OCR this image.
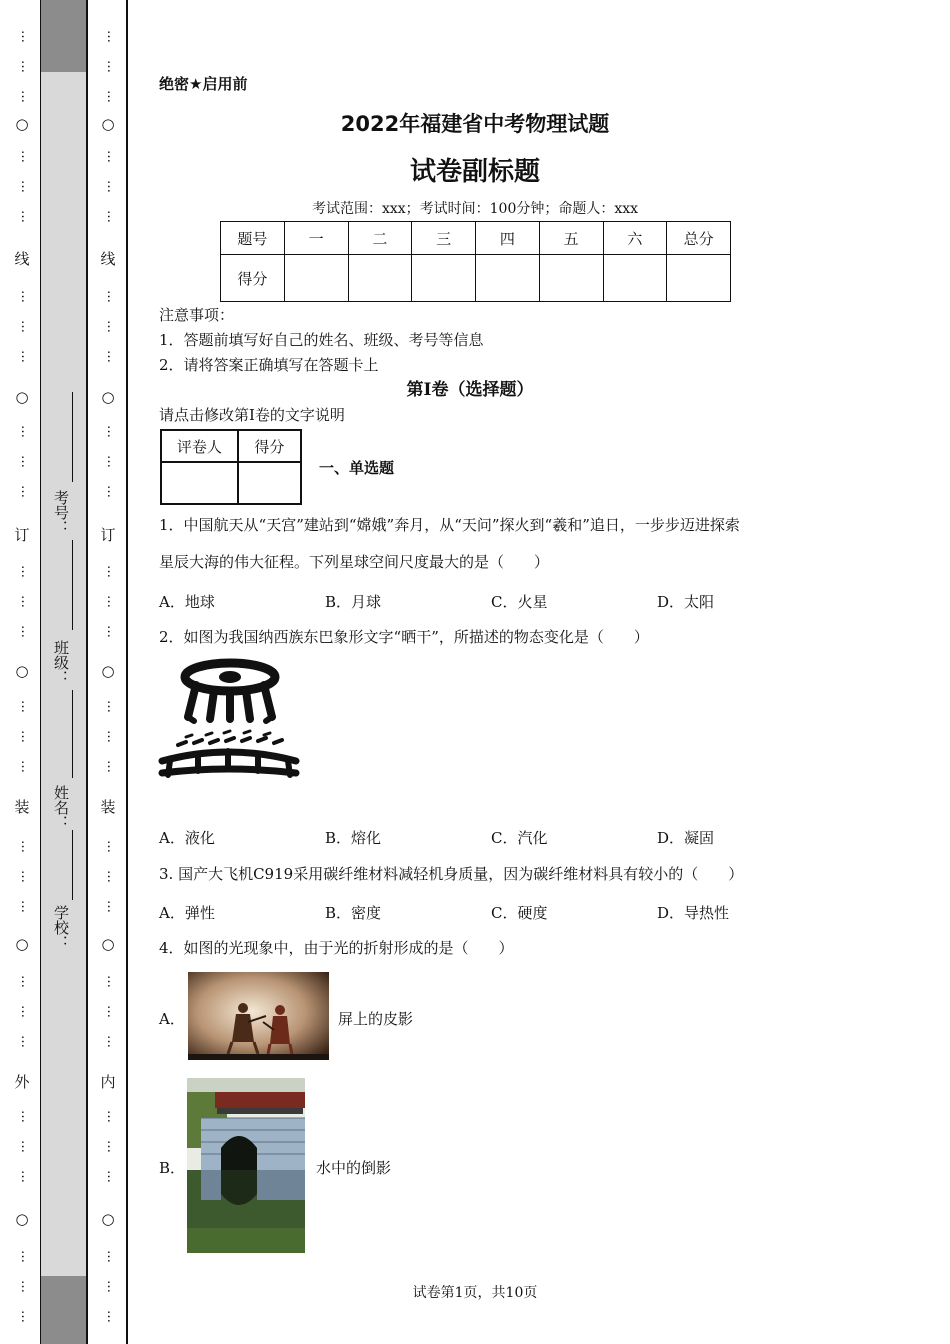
…
…
…
○
…
…
…
线
…
…
…
○
…
…
…
订
…
…
…
○
…
…
…
装
…
…
…
○
…
…
…
外
…
…
…
○
…
…
…
…
…
…
○
…
…
…
线
…
…
…
○
…
…
…
订
…
…
…
○
…
…
…
装
…
…
…
○
…
…
…
内
…
…
…
○
…
…
…
考号：
班级：
姓名：
学校：
绝密★启用前
2022年福建省中考物理试题
试卷副标题
考试范围：xxx；考试时间：100分钟；命题人：xxx
题号	一	二	三	四	五	六	总分
得分							
注意事项：
1．答题前填写好自己的姓名、班级、考号等信息
2．请将答案正确填写在答题卡上
第I卷（选择题）
请点击修改第I卷的文字说明
评卷人	得分

一、单选题
1．中国航天从“天宫”建站到“嫦娥”奔月，从“天问”探火到“羲和”追日，一步步迈进探索
星辰大海的伟大征程。下列星球空间尺度最大的是（　　）
A．地球	B．月球	C．火星	D．太阳
2．如图为我国纳西族东巴象形文字“晒干”，所描述的物态变化是（　　）
A．液化	B．熔化	C．汽化	D．凝固
3. 国产大飞机C919采用碳纤维材料减轻机身质量，因为碳纤维材料具有较小的（　　）
A．弹性	B．密度	C．硬度	D．导热性
4．如图的光现象中，由于光的折射形成的是（　　）
A．	屏上的皮影
B．	水中的倒影
试卷第1页，共10页
